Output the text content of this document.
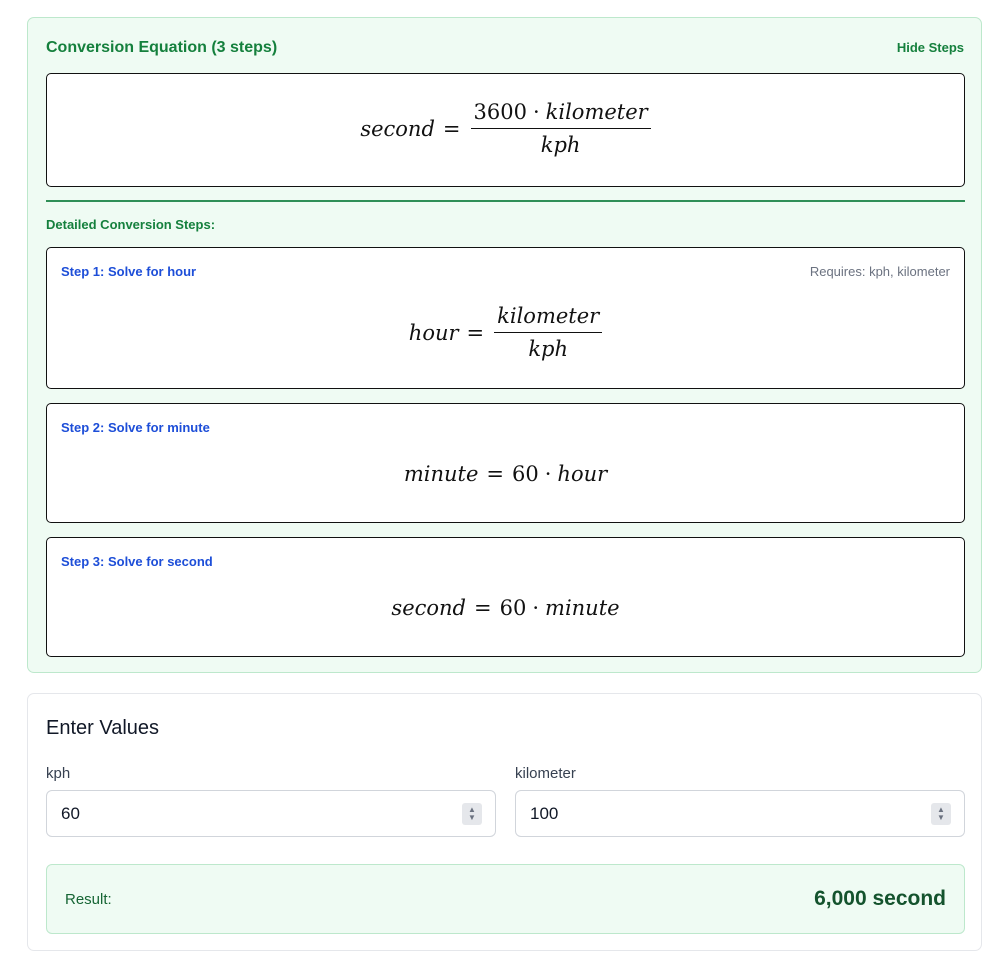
Conversion Equation (3 steps)	Hide Steps
second = $\frac{\text{3600 · kilometer}}{\text{kph}}$
Detailed Conversion Steps:
Step 1: Solve for hour	Requires: kph, kilometer
hour = $\frac{\text{kilometer}}{\text{kph}}$
Step 2: Solve for minute
minute = 60 · hour
Step 3: Solve for second
second = 60 · minute
Enter Values
kph
60	▲
▼
kilometer
100	▲
▼
Result:	6,000 second
